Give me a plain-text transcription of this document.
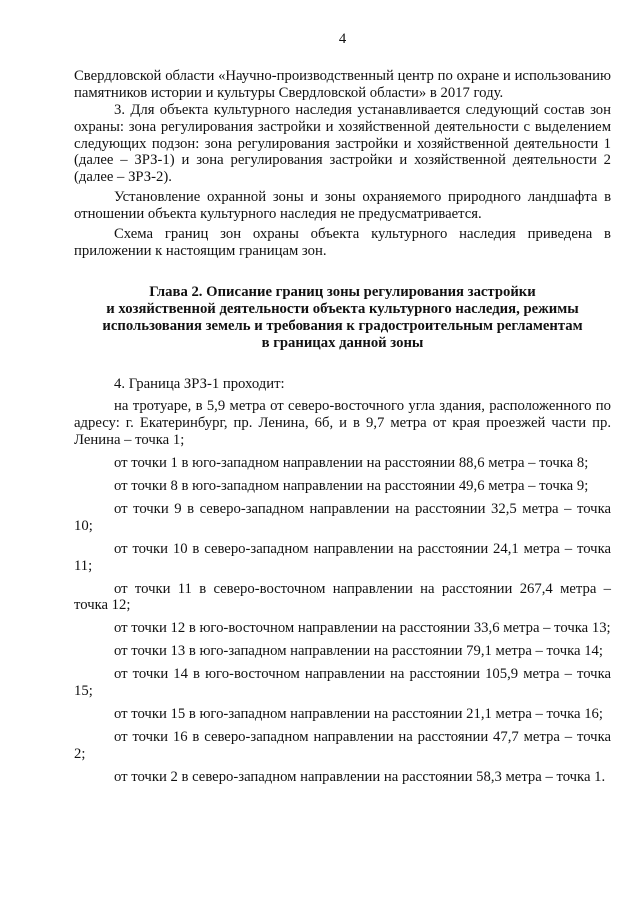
4

Свердловской области «Научно-производственный центр по охране и использованию памятников истории и культуры Свердловской области» в 2017 году.

3. Для объекта культурного наследия устанавливается следующий состав зон охраны: зона регулирования застройки и хозяйственной деятельности с выделением следующих подзон: зона регулирования застройки и хозяйственной деятельности 1 (далее – ЗРЗ-1) и зона регулирования застройки и хозяйственной деятельности 2 (далее – ЗРЗ-2).

Установление охранной зоны и зоны охраняемого природного ландшафта в отношении объекта культурного наследия не предусматривается.

Схема границ зон охраны объекта культурного наследия приведена в приложении к настоящим границам зон.

Глава 2. Описание границ зоны регулирования застройки
и хозяйственной деятельности объекта культурного наследия, режимы
использования земель и требования к градостроительным регламентам
в границах данной зоны

4. Граница ЗРЗ-1 проходит:

на тротуаре, в 5,9 метра от северо-восточного угла здания, расположенного по адресу: г. Екатеринбург, пр. Ленина, 6б, и в 9,7 метра от края проезжей части пр. Ленина – точка 1;

от точки 1 в юго-западном направлении на расстоянии 88,6 метра – точка 8;

от точки 8 в юго-западном направлении на расстоянии 49,6 метра – точка 9;

от точки 9 в северо-западном направлении на расстоянии 32,5 метра – точка 10;

от точки 10 в северо-западном направлении на расстоянии 24,1 метра – точка 11;

от точки 11 в северо-восточном направлении на расстоянии 267,4 метра – точка 12;

от точки 12 в юго-восточном направлении на расстоянии 33,6 метра – точка 13;

от точки 13 в юго-западном направлении на расстоянии 79,1 метра – точка 14;

от точки 14 в юго-восточном направлении на расстоянии 105,9 метра – точка 15;

от точки 15 в юго-западном направлении на расстоянии 21,1 метра – точка 16;

от точки 16 в северо-западном направлении на расстоянии 47,7 метра – точка 2;

от точки 2 в северо-западном направлении на расстоянии 58,3 метра – точка 1.
